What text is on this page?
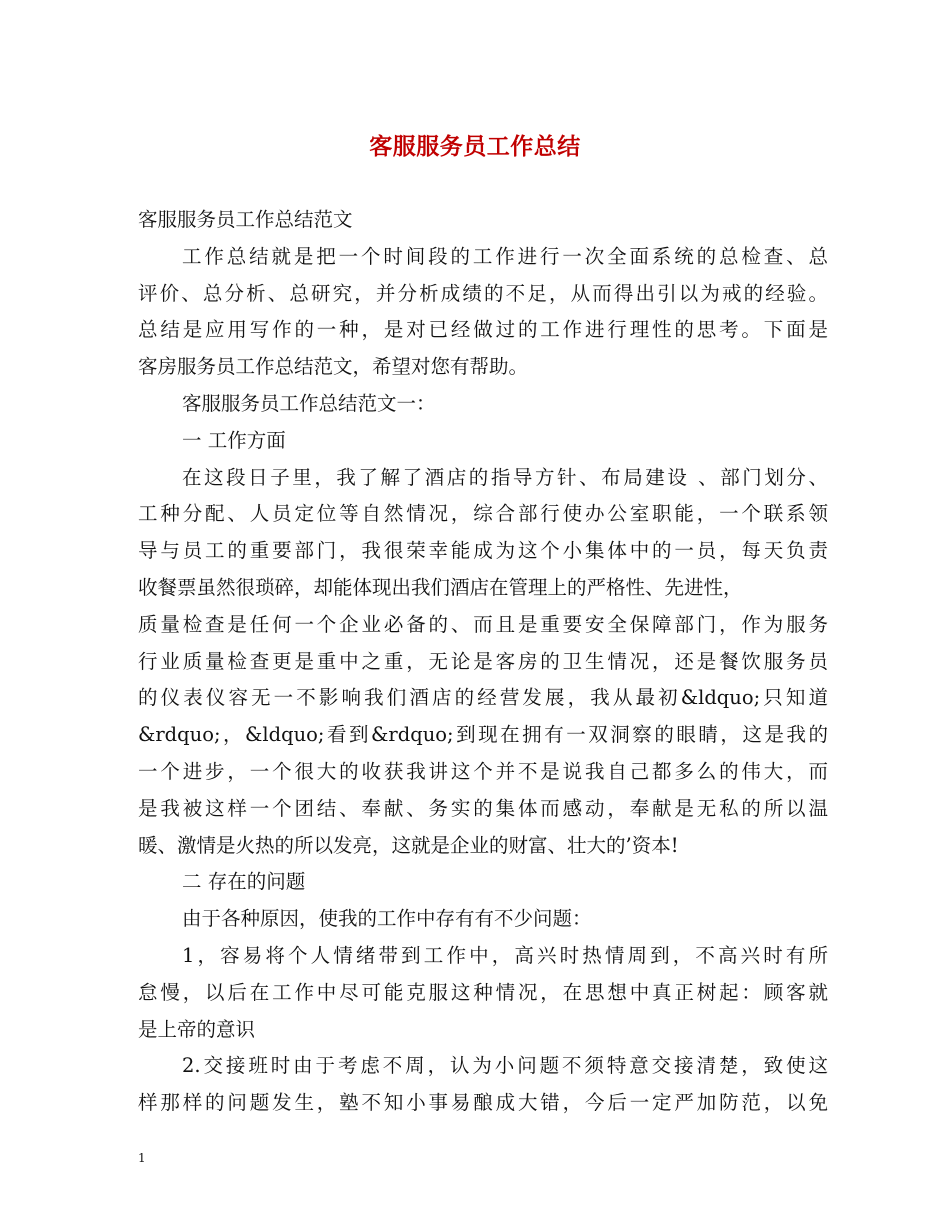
客服服务员工作总结
客服服务员工作总结范文
工作总结就是把一个时间段的工作进行一次全面系统的总检查、总
评价、总分析、总研究，并分析成绩的不足，从而得出引以为戒的经验。
总结是应用写作的一种，是对已经做过的工作进行理性的思考。下面是
客房服务员工作总结范文，希望对您有帮助。
客服服务员工作总结范文一：
一 工作方面
在这段日子里，我了解了酒店的指导方针、布局建设 、部门划分、
工种分配、人员定位等自然情况，综合部行使办公室职能，一个联系领
导与员工的重要部门，我很荣幸能成为这个小集体中的一员，每天负责
收餐票虽然很琐碎，却能体现出我们酒店在管理上的严格性、先进性，
质量检查是任何一个企业必备的、而且是重要安全保障部门，作为服务
行业质量检查更是重中之重，无论是客房的卫生情况，还是餐饮服务员
的仪表仪容无一不影响我们酒店的经营发展，我从最初&ldquo;只知道
&rdquo;，&ldquo;看到&rdquo;到现在拥有一双洞察的眼睛，这是我的
一个进步，一个很大的收获我讲这个并不是说我自己都多么的伟大，而
是我被这样一个团结、奉献、务实的集体而感动，奉献是无私的所以温
暖、激情是火热的所以发亮，这就是企业的财富、壮大的’资本!
二 存在的问题
由于各种原因，使我的工作中存有有不少问题：
1，容易将个人情绪带到工作中，高兴时热情周到，不高兴时有所
怠慢，以后在工作中尽可能克服这种情况，在思想中真正树起：顾客就
是上帝的意识
2.交接班时由于考虑不周，认为小问题不须特意交接清楚，致使这
样那样的问题发生，塾不知小事易酿成大错，今后一定严加防范，以免
1
